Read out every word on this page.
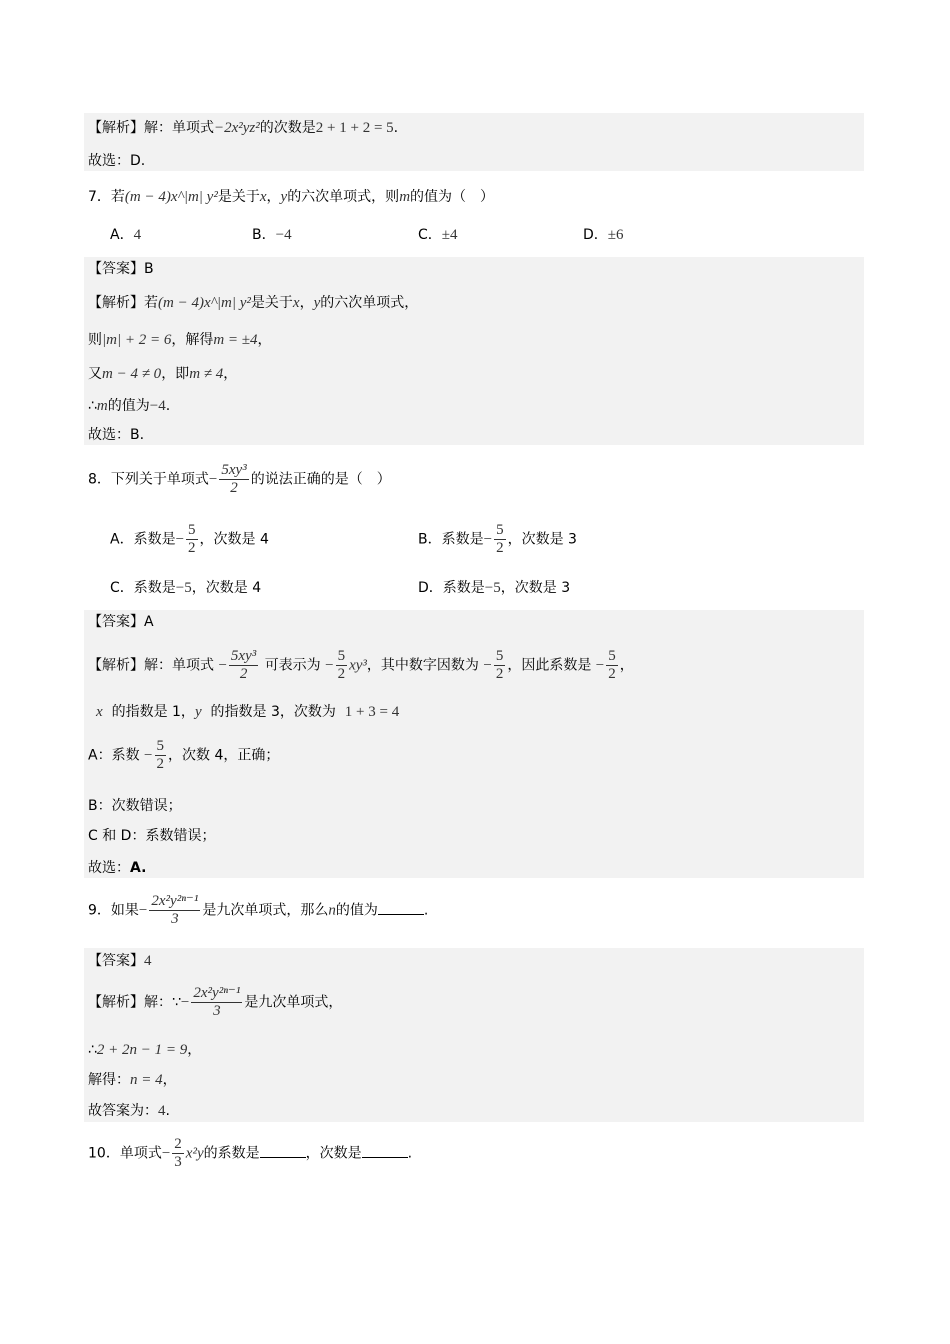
【解析】解：单项式−2x²yz²的次数是2 + 1 + 2 = 5.
故选：D.
7．若(m − 4)x^|m| y²是关于x，y的六次单项式，则m的值为（　）
A．4	B．−4	C．±4	D．±6
【答案】B
【解析】若(m − 4)x^|m| y²是关于x，y的六次单项式，
则|m| + 2 = 6，解得m = ±4，
又m − 4 ≠ 0，即m ≠ 4，
∴m的值为−4.
故选：B.
8．下列关于单项式− $\frac{\text{5xy³}}{2}$ 的说法正确的是（　）
A．系数是− $\frac{5}{2}$ ，次数是 4	B．系数是− $\frac{5}{2}$ ，次数是 3
C．系数是−5，次数是 4	D．系数是−5，次数是 3
【答案】A
【解析】解：单项式 − $\frac{\text{5xy³}}{2}$ 可表示为 − $\frac{5}{2} xy^3$，其中数字因数为 − $\frac{5}{2}$ ，因此系数是 − $\frac{5}{2}$ ，
x 的指数是 1，y 的指数是 3，次数为 1 + 3 = 4
A：系数 − $\frac{5}{2}$ ，次数 4，正确；
B：次数错误；
C 和 D：系数错误；
故选：A.
9．如果− $\frac{\text{2x²y²ⁿ⁻¹}}{3}$ 是九次单项式，那么n的值为	.
【答案】4
【解析】解：∵− $\frac{\text{2x²y²ⁿ⁻¹}}{3}$ 是九次单项式，
∴2 + 2n − 1 = 9，
解得：n = 4，
故答案为：4.
10．单项式− $\frac{2}{3} x^2y$的系数是	，次数是	.
